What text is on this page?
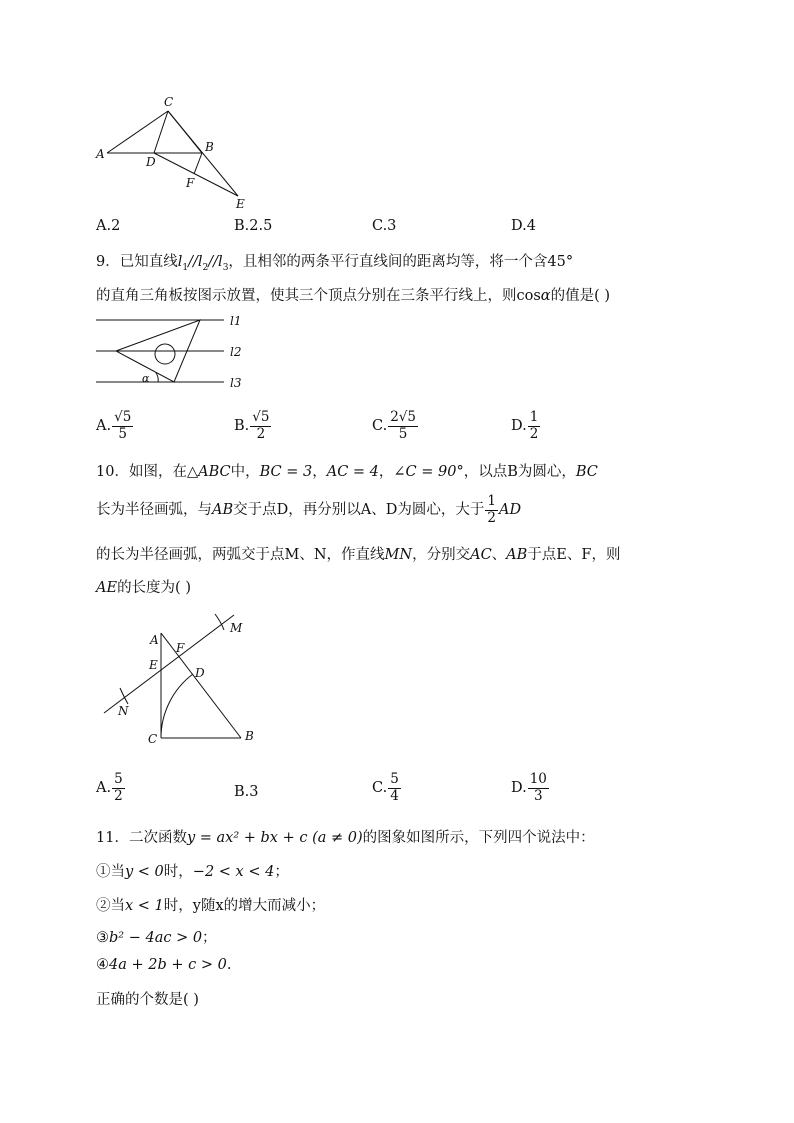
C
A
D
B
F
E
A.2	B.2.5	C.3	D.4
9．已知直线$l_1//l_2//l_3$，且相邻的两条平行直线间的距离均等，将一个含45°
的直角三角板按图示放置，使其三个顶点分别在三条平行线上，则cosα的值是( )
α
l1
l2
l3
A. $\frac{√5}{5}$	B. $\frac{√5}{2}$	C. $\frac{2√5}{5}$	D. $\frac{1}{2}$
10．如图，在△ABC中，BC = 3，AC = 4，∠C = 90°，以点B为圆心，BC
长为半径画弧，与AB交于点D，再分别以A、D为圆心，大于 $\frac{1}{2}$ AD
的长为半径画弧，两弧交于点M、N，作直线MN，分别交AC、AB于点E、F，则
AE的长度为( )
A
F
E
D
M
N
C	B
A. $\frac{5}{2}$	B.3	C. $\frac{5}{4}$	D. $\frac{10}{3}$
11．二次函数y = ax² + bx + c (a ≠ 0)的图象如图所示，下列四个说法中：
①当y < 0时，−2 < x < 4；
②当x < 1时，y随x的增大而减小；
③b² − 4ac > 0；
④4a + 2b + c > 0.
正确的个数是( )
